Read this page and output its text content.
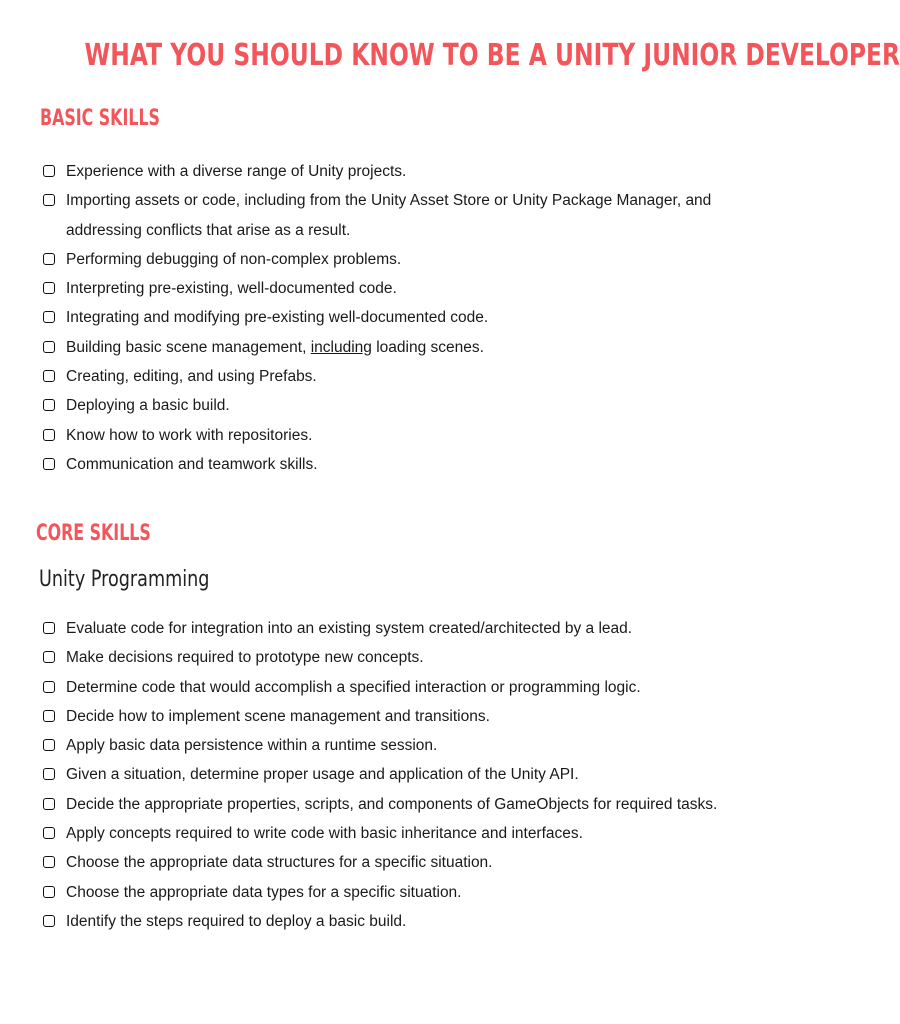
WHAT YOU SHOULD KNOW TO BE A UNITY JUNIOR DEVELOPER
BASIC SKILLS
Experience with a diverse range of Unity projects.
Importing assets or code, including from the Unity Asset Store or Unity Package Manager, and addressing conflicts that arise as a result.
Performing debugging of non-complex problems.
Interpreting pre-existing, well-documented code.
Integrating and modifying pre-existing well-documented code.
Building basic scene management, including loading scenes.
Creating, editing, and using Prefabs.
Deploying a basic build.
Know how to work with repositories.
Communication and teamwork skills.
CORE SKILLS
Unity Programming
Evaluate code for integration into an existing system created/architected by a lead.
Make decisions required to prototype new concepts.
Determine code that would accomplish a specified interaction or programming logic.
Decide how to implement scene management and transitions.
Apply basic data persistence within a runtime session.
Given a situation, determine proper usage and application of the Unity API.
Decide the appropriate properties, scripts, and components of GameObjects for required tasks.
Apply concepts required to write code with basic inheritance and interfaces.
Choose the appropriate data structures for a specific situation.
Choose the appropriate data types for a specific situation.
Identify the steps required to deploy a basic build.
